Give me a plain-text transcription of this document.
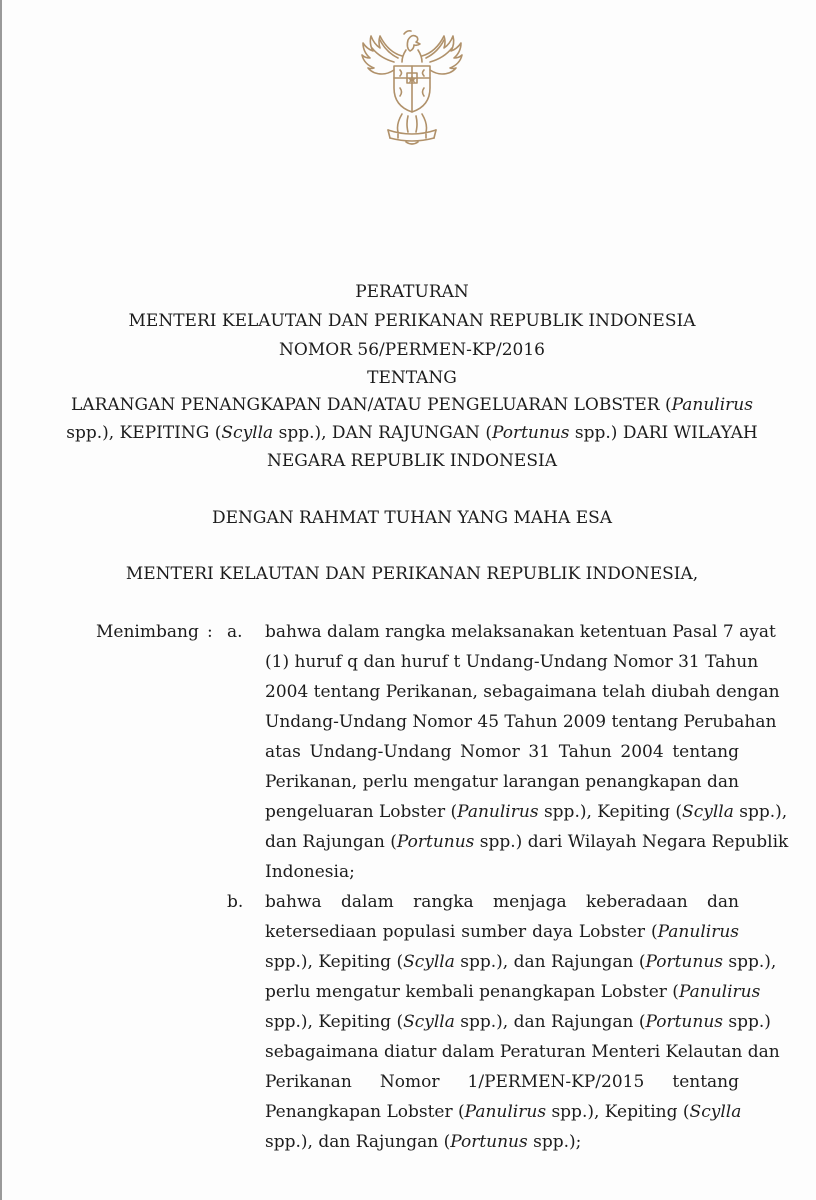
PERATURAN
MENTERI KELAUTAN DAN PERIKANAN REPUBLIK INDONESIA
NOMOR 56/PERMEN-KP/2016
TENTANG
LARANGAN PENANGKAPAN DAN/ATAU PENGELUARAN LOBSTER (Panulirus
spp.), KEPITING (Scylla spp.), DAN RAJUNGAN (Portunus spp.) DARI WILAYAH
NEGARA REPUBLIK INDONESIA
DENGAN RAHMAT TUHAN YANG MAHA ESA
MENTERI KELAUTAN DAN PERIKANAN REPUBLIK INDONESIA,
Menimbang : a. bahwa dalam rangka melaksanakan ketentuan Pasal 7 ayat
(1) huruf q dan huruf t Undang-Undang Nomor 31 Tahun
2004 tentang Perikanan, sebagaimana telah diubah dengan
Undang-Undang Nomor 45 Tahun 2009 tentang Perubahan
atas Undang-Undang Nomor 31 Tahun 2004 tentang
Perikanan, perlu mengatur larangan penangkapan dan
pengeluaran Lobster (Panulirus spp.), Kepiting (Scylla spp.),
dan Rajungan (Portunus spp.) dari Wilayah Negara Republik
Indonesia;
b. bahwa dalam rangka menjaga keberadaan dan
ketersediaan populasi sumber daya Lobster (Panulirus
spp.), Kepiting (Scylla spp.), dan Rajungan (Portunus spp.),
perlu mengatur kembali penangkapan Lobster (Panulirus
spp.), Kepiting (Scylla spp.), dan Rajungan (Portunus spp.)
sebagaimana diatur dalam Peraturan Menteri Kelautan dan
Perikanan Nomor 1/PERMEN-KP/2015 tentang
Penangkapan Lobster (Panulirus spp.), Kepiting (Scylla
spp.), dan Rajungan (Portunus spp.);
